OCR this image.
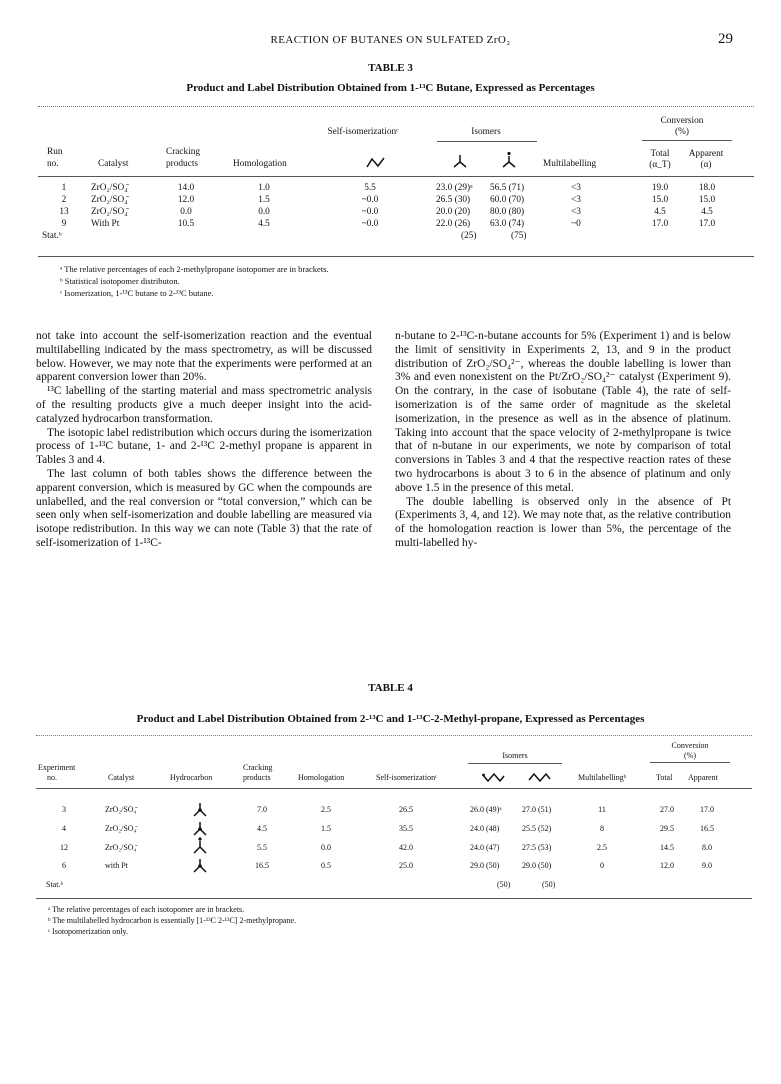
REACTION OF BUTANES ON SULFATED ZrO₂	29
TABLE 3
Product and Label Distribution Obtained from 1-¹³C Butane, Expressed as Percentages
Conversion
(%)
Self-isomerizationᶜ	Isomers
Run
no.	Catalyst
Cracking
products	Homologation	Multilabelling
Total
(α_T)
Apparent
(α)
1	ZrO₂/SO₄̄	14.0	1.0	5.5	23.0 (29)ᵃ 56.5 (71)	<3	19.0	18.0
2	ZrO₂/SO₄̄	12.0	1.5	~0.0	26.5 (30) 60.0 (70)	<3	15.0	15.0
13 ZrO₂/SO₄̄	0.0	0.0	~0.0	20.0 (20) 80.0 (80)	<3	4.5	4.5
9	With Pt	10.5	4.5	~0.0	22.0 (26) 63.0 (74)	~0	17.0	17.0
Stat.ᵇ	(25)	(75)
ᵃ The relative percentages of each 2-methylpropane isotopomer are in brackets.
ᵇ Statistical isotopomer distributon.
ᶜ Isomerization, 1-¹³C butane to 2-¹³C butane.

not take into account the self-isomerization reaction and the eventual multilabelling indicated by the mass spectrometry, as will be discussed below. However, we may note that the experiments were performed at an apparent conversion lower than 20%.

¹³C labelling of the starting material and mass spectrometric analysis of the resulting products give a much deeper insight into the acid-catalyzed hydrocarbon transformation.

The isotopic label redistribution which occurs during the isomerization process of 1-¹³C butane, 1- and 2-¹³C 2-methyl propane is apparent in Tables 3 and 4.

The last column of both tables shows the difference between the apparent conversion, which is measured by GC when the compounds are unlabelled, and the real conversion or “total conversion,” which can be seen only when self-isomerization and double labelling are measured via isotope redistribution. In this way we can note (Table 3) that the rate of self-isomerization of 1-¹³C-

n-butane to 2-¹³C-n-butane accounts for 5% (Experiment 1) and is below the limit of sensitivity in Experiments 2, 13, and 9 in the product distribution of ZrO₂/SO₄²⁻, whereas the double labelling is lower than 3% and even nonexistent on the Pt/ZrO₂/SO₄²⁻ catalyst (Experiment 9). On the contrary, in the case of isobutane (Table 4), the rate of self-isomerization is of the same order of magnitude as the skeletal isomerization, in the presence as well as in the absence of platinum. Taking into account that the space velocity of 2-methylpropane is twice that of n-butane in our experiments, we note by comparison of total conversions in Tables 3 and 4 that the respective reaction rates of these two hydrocarbons is about 3 to 6 in the absence of platinum and only above 1.5 in the presence of this metal.

The double labelling is observed only in the absence of Pt (Experiments 3, 4, and 12). We may note that, as the relative contribution of the homologation reaction is lower than 5%, the percentage of the multi-labelled hy-

TABLE 4
Product and Label Distribution Obtained from 2-¹³C and 1-¹³C-2-Methyl-propane, Expressed as Percentages
Conversion
(%)
Isomers
Experiment
no.	Catalyst	Hydrocarbon
Cracking
products	Homologation	Self-isomerizationᶜ	Multilabellingᵇ	Total Apparent
3	ZrO₂/SO₄̄	7.0	2.5	26.5	26.0 (49)ᵃ	27.0 (51)	11	27.0	17.0
4	ZrO₂/SO₄̄	4.5	1.5	35.5	24.0 (48)	25.5 (52)	8	29.5	16.5
12	ZrO₂/SO₄̄	5.5	0.0	42.0	24.0 (47)	27.5 (53)	2.5	14.5	8.0
6	with Pt	16.5	0.5	25.0	29.0 (50)	29.0 (50)	0	12.0	9.0
Stat.ᵇ	(50)	(50)
ᵃ The relative percentages of each isotopomer are in brackets.
ᵇ The multilabelled hydrocarbon is essentially [1-¹³C 2-¹³C] 2-methylpropane.
ᶜ Isotopomerization only.
